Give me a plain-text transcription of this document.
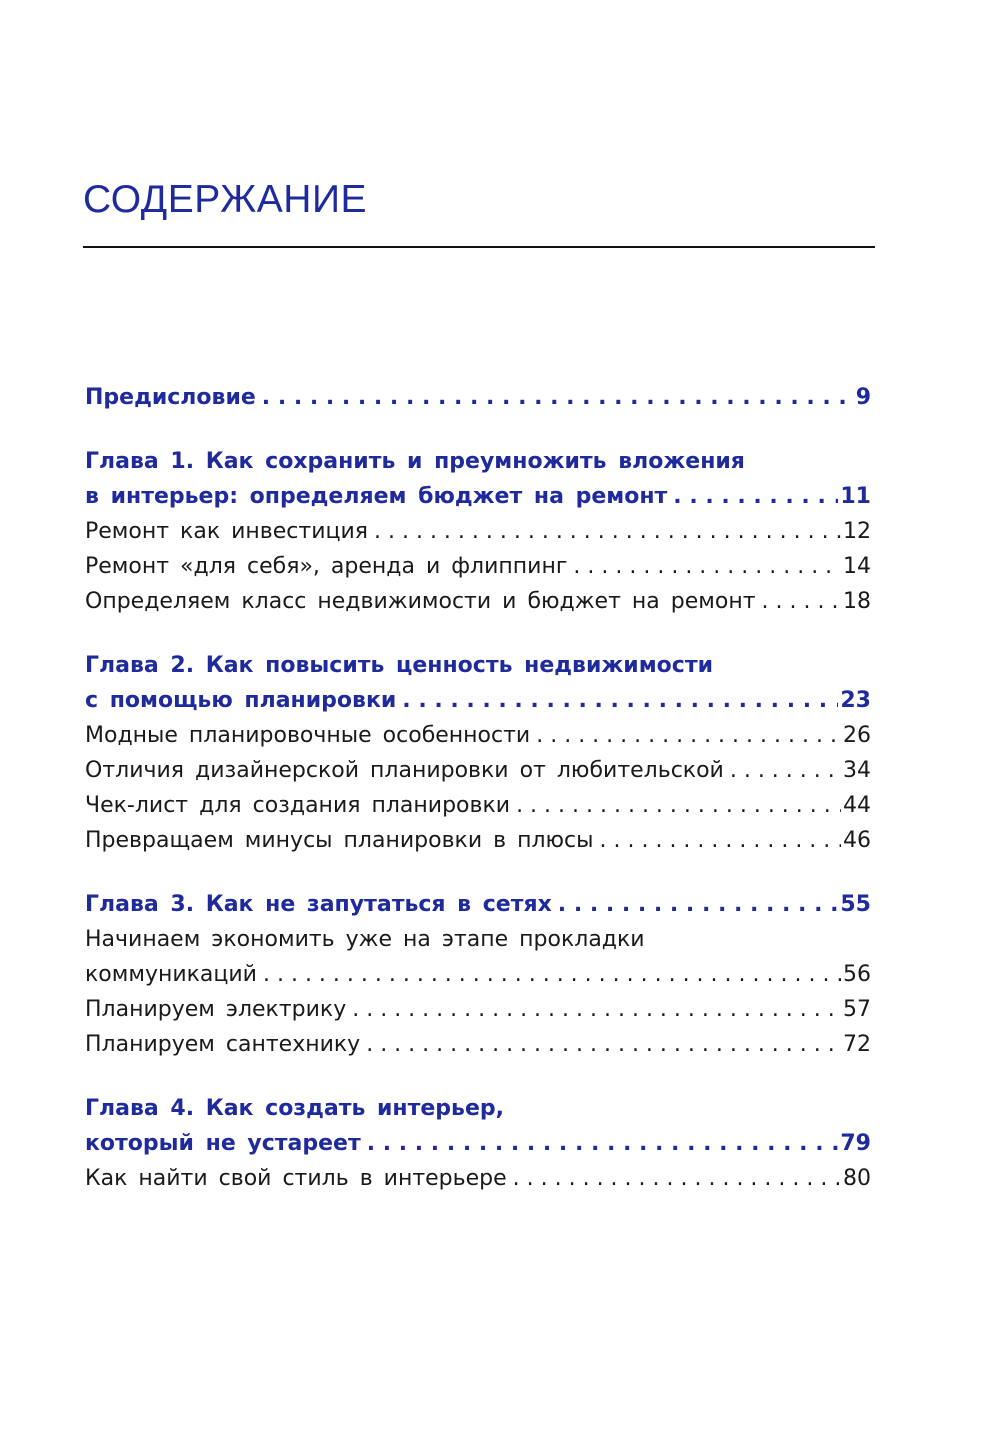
СОДЕРЖАНИЕ
Предисловие . . .	9
Глава 1. Как сохранить и преумножить вложения
в интерьер: определяем бюджет на ремонт . . .	11
Ремонт как инвестиция . . .	12
Ремонт «для себя», аренда и флиппинг . . .	14
Определяем класс недвижимости и бюджет на ремонт . . .	18
Глава 2. Как повысить ценность недвижимости
с помощью планировки . . .	23
Модные планировочные особенности . . .	26
Отличия дизайнерской планировки от любительской . . .	34
Чек-лист для создания планировки . . .	44
Превращаем минусы планировки в плюсы . . .	46
Глава 3. Как не запутаться в сетях . . .	55
Начинаем экономить уже на этапе прокладки
коммуникаций . . .	56
Планируем электрику . . .	57
Планируем сантехнику . . .	72
Глава 4. Как создать интерьер,
который не устареет . . .	79
Как найти свой стиль в интерьере . . .	80
